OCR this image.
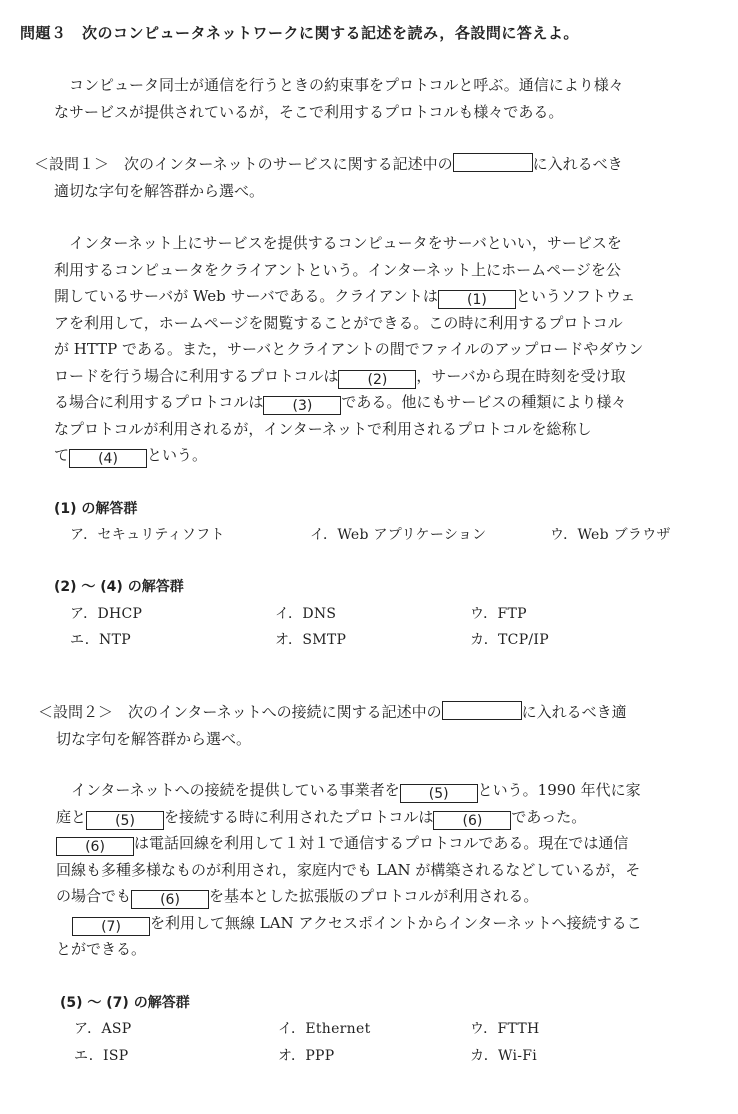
問題３　次のコンピュータネットワークに関する記述を読み，各設問に答えよ。
コンピュータ同士が通信を行うときの約束事をプロトコルと呼ぶ。通信により様々
なサービスが提供されているが，そこで利用するプロトコルも様々である。
＜設問１＞　次のインターネットのサービスに関する記述中の	に入れるべき
適切な字句を解答群から選べ。
インターネット上にサービスを提供するコンピュータをサーバといい，サービスを
利用するコンピュータをクライアントという。インターネット上にホームページを公
開しているサーバが Web サーバである。クライアントは (1) というソフトウェ
アを利用して，ホームページを閲覧することができる。この時に利用するプロトコル
が HTTP である。また，サーバとクライアントの間でファイルのアップロードやダウン
ロードを行う場合に利用するプロトコルは (2) ，サーバから現在時刻を受け取
る場合に利用するプロトコルは (3) である。他にもサービスの種類により様々
なプロトコルが利用されるが，インターネットで利用されるプロトコルを総称し
て (4) という。
(1) の解答群
ア．セキュリティソフト	イ．Web アプリケーション	ウ．Web ブラウザ
(2) ～ (4) の解答群
ア．DHCP	イ．DNS	ウ．FTP
エ．NTP	オ．SMTP	カ．TCP/IP
＜設問２＞　次のインターネットへの接続に関する記述中の	に入れるべき適
切な字句を解答群から選べ。
インターネットへの接続を提供している事業者を (5) という。1990 年代に家
庭と (5) を接続する時に利用されたプロトコルは (6) であった。
(6) は電話回線を利用して１対１で通信するプロトコルである。現在では通信
回線も多種多様なものが利用され，家庭内でも LAN が構築されるなどしているが，そ
の場合でも (6) を基本とした拡張版のプロトコルが利用される。
(7) を利用して無線 LAN アクセスポイントからインターネットへ接続するこ
とができる。
(5) ～ (7) の解答群
ア．ASP	イ．Ethernet	ウ．FTTH
エ．ISP	オ．PPP	カ．Wi-Fi
